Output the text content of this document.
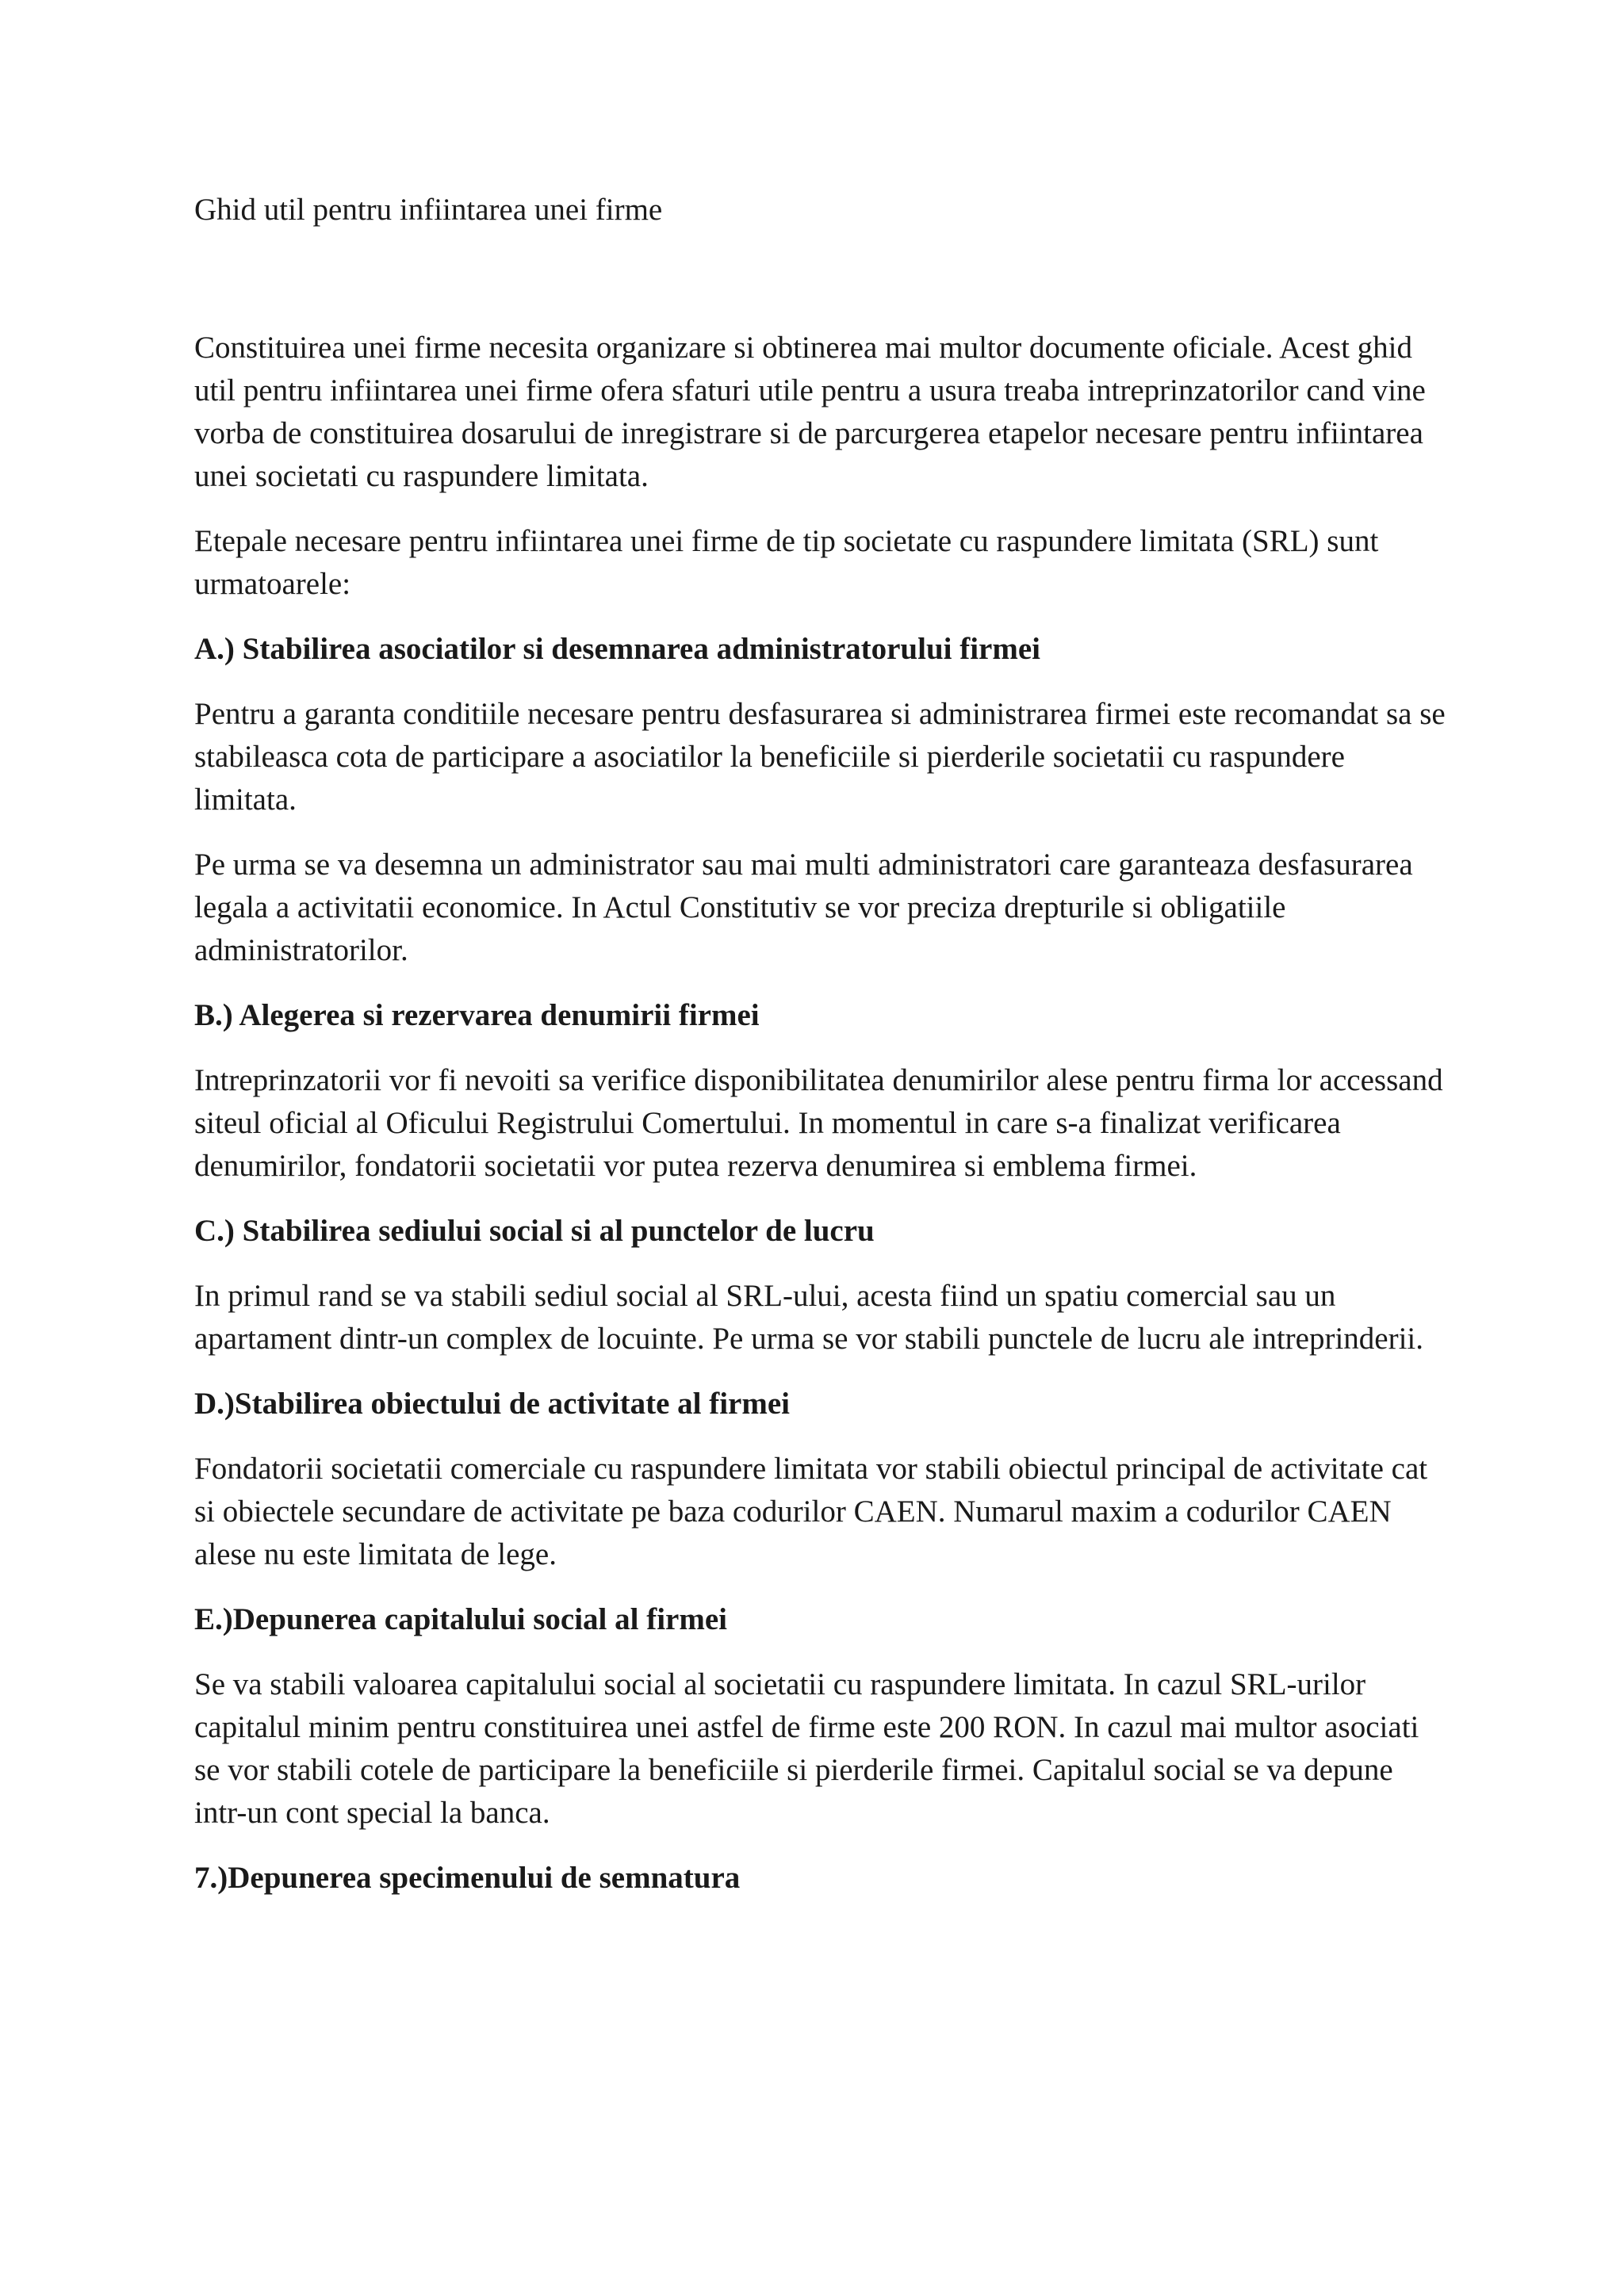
Ghid util pentru infiintarea unei firme

Constituirea unei firme necesita organizare si obtinerea mai multor documente oficiale. Acest ghid util pentru infiintarea unei firme ofera sfaturi utile pentru a usura treaba intreprinzatorilor cand vine vorba de constituirea dosarului de inregistrare si de parcurgerea etapelor necesare pentru infiintarea unei societati cu raspundere limitata.

Etepale necesare pentru infiintarea unei firme de tip societate cu raspundere limitata (SRL) sunt urmatoarele:

A.) Stabilirea asociatilor si desemnarea administratorului firmei

Pentru a garanta conditiile necesare pentru desfasurarea si administrarea firmei este recomandat sa se stabileasca cota de participare a asociatilor la beneficiile si pierderile societatii cu raspundere limitata.

Pe urma se va desemna un administrator sau mai multi administratori care garanteaza desfasurarea legala a activitatii economice. In Actul Constitutiv se vor preciza drepturile si obligatiile administratorilor.

B.) Alegerea si rezervarea denumirii firmei

Intreprinzatorii vor fi nevoiti sa verifice disponibilitatea denumirilor alese pentru firma lor accessand siteul oficial al Oficului Registrului Comertului. In momentul in care s-a finalizat verificarea denumirilor, fondatorii societatii vor putea rezerva denumirea si emblema firmei.

C.) Stabilirea sediului social si al punctelor de lucru

In primul rand se va stabili sediul social al SRL-ului, acesta fiind un spatiu comercial sau un apartament dintr-un complex de locuinte. Pe urma se vor stabili punctele de lucru ale intreprinderii.

D.)Stabilirea obiectului de activitate al firmei

Fondatorii societatii comerciale cu raspundere limitata vor stabili obiectul principal de activitate cat si obiectele secundare de activitate pe baza codurilor CAEN. Numarul maxim a codurilor CAEN alese nu este limitata de lege.

E.)Depunerea capitalului social al firmei

Se va stabili valoarea capitalului social al societatii cu raspundere limitata. In cazul SRL-urilor capitalul minim pentru constituirea unei astfel de firme este 200 RON. In cazul mai multor asociati se vor stabili cotele de participare la beneficiile si pierderile firmei. Capitalul social se va depune intr-un cont special la banca.

7.)Depunerea specimenului de semnatura
